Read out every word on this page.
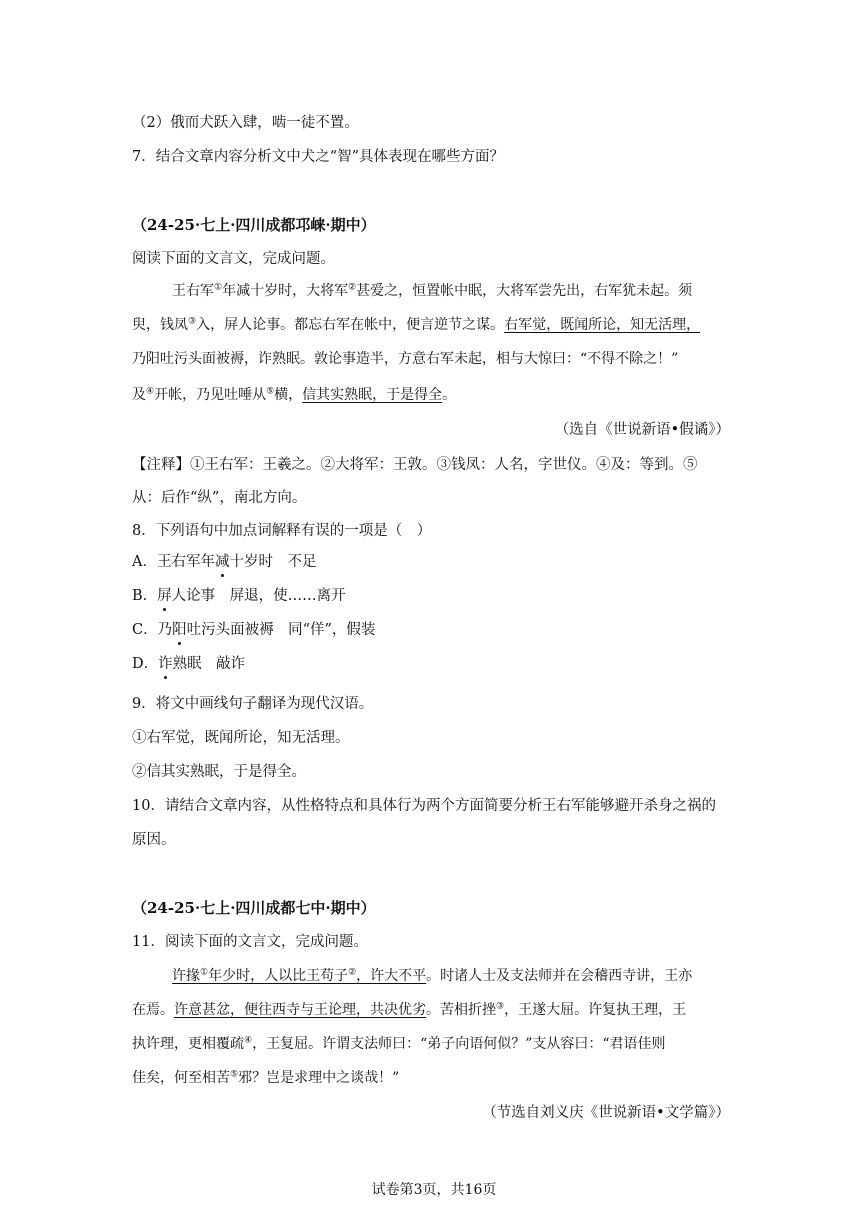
（2）俄而犬跃入肆，啮一徒不置。
7．结合文章内容分析文中犬之“智”具体表现在哪些方面？
（24-25·七上·四川成都邛崃·期中）
阅读下面的文言文，完成问题。
王右军①年减十岁时，大将军②甚爱之，恒置帐中眠，大将军尝先出，右军犹未起。须
臾，钱凤③入，屏人论事。都忘右军在帐中，便言逆节之谋。右军觉，既闻所论，知无活理，
乃阳吐污头面被褥，诈熟眠。敦论事造半，方意右军未起，相与大惊曰：“不得不除之！”
及④开帐，乃见吐唾从⑤横，信其实熟眠，于是得全。
（选自《世说新语•假谲》）
【注释】①王右军：王羲之。②大将军：王敦。③钱凤：人名，字世仪。④及：等到。⑤
从：后作“纵”，南北方向。
8．下列语句中加点词解释有误的一项是（　）
A．王右军年减十岁时　不足
B．屏人论事　屏退，使……离开
C．乃阳吐污头面被褥　同“佯”，假装
D．诈熟眠　敲诈
9．将文中画线句子翻译为现代汉语。
①右军觉，既闻所论，知无活理。
②信其实熟眠，于是得全。
10．请结合文章内容，从性格特点和具体行为两个方面简要分析王右军能够避开杀身之祸的
原因。
（24-25·七上·四川成都七中·期中）
11．阅读下面的文言文，完成问题。
许掾①年少时，人以比王苟子②，许大不平。时诸人士及支法师并在会稽西寺讲，王亦
在焉。许意甚忿，便往西寺与王论理，共决优劣。苦相折挫③，王遂大屈。许复执王理，王
执许理，更相覆疏④，王复屈。许谓支法师曰：“弟子向语何似？”支从容曰：“君语佳则
佳矣，何至相苦⑤邪？岂是求理中之谈哉！”
（节选自刘义庆《世说新语•文学篇》）
试卷第3页，共16页
